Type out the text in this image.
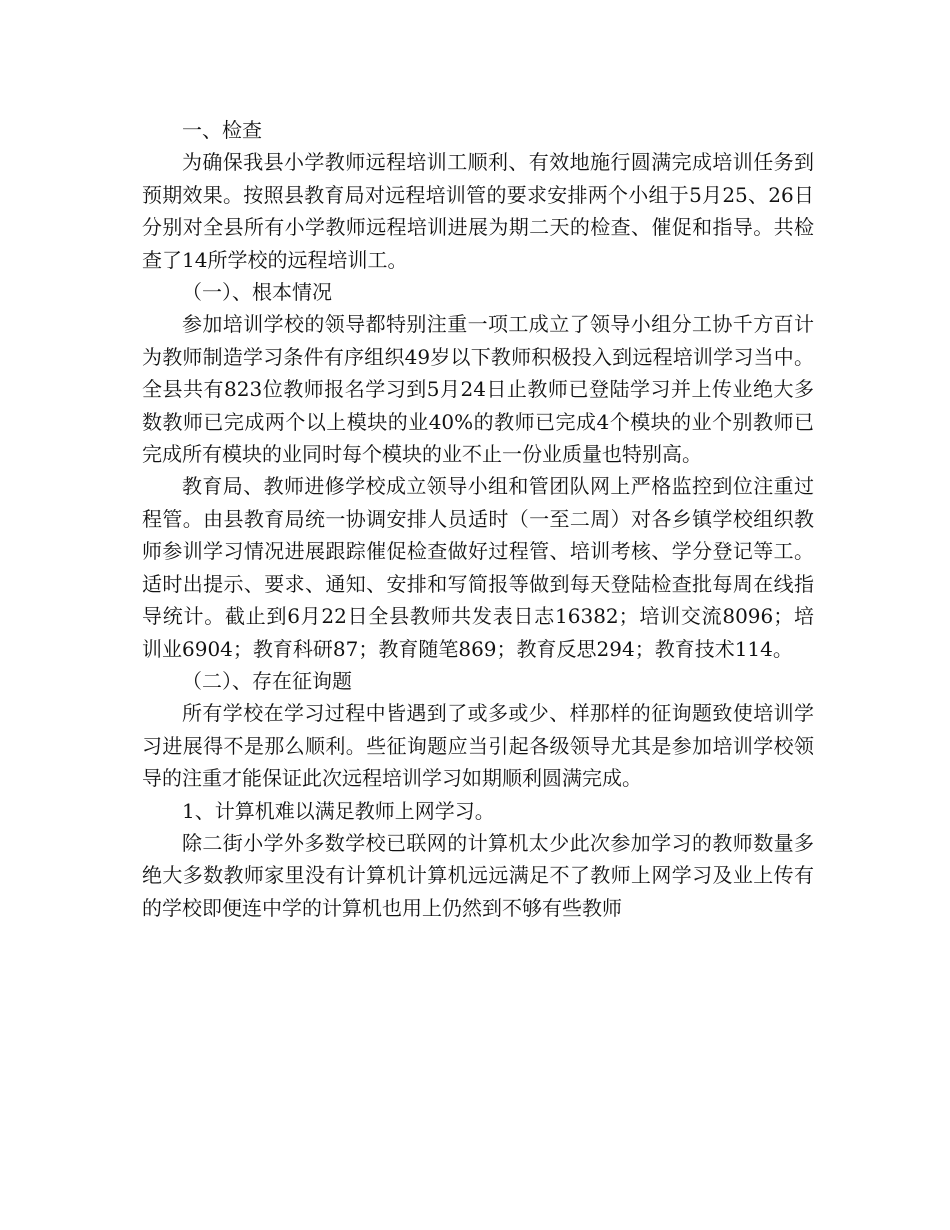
一、检查

为确保我县小学教师远程培训工顺利、有效地施行圆满完成培训任务到预期效果。按照县教育局对远程培训管的要求安排两个小组于5月25、26日分别对全县所有小学教师远程培训进展为期二天的检查、催促和指导。共检查了14所学校的远程培训工。

（一）、根本情况

参加培训学校的领导都特别注重一项工成立了领导小组分工协千方百计为教师制造学习条件有序组织49岁以下教师积极投入到远程培训学习当中。全县共有823位教师报名学习到5月24日止教师已登陆学习并上传业绝大多数教师已完成两个以上模块的业40%的教师已完成4个模块的业个别教师已完成所有模块的业同时每个模块的业不止一份业质量也特别高。

教育局、教师进修学校成立领导小组和管团队网上严格监控到位注重过程管。由县教育局统一协调安排人员适时（一至二周）对各乡镇学校组织教师参训学习情况进展跟踪催促检查做好过程管、培训考核、学分登记等工。适时出提示、要求、通知、安排和写简报等做到每天登陆检查批每周在线指导统计。截止到6月22日全县教师共发表日志16382；培训交流8096；培训业6904；教育科研87；教育随笔869；教育反思294；教育技术114。

（二）、存在征询题

所有学校在学习过程中皆遇到了或多或少、样那样的征询题致使培训学习进展得不是那么顺利。些征询题应当引起各级领导尤其是参加培训学校领导的注重才能保证此次远程培训学习如期顺利圆满完成。

1、计算机难以满足教师上网学习。

除二街小学外多数学校已联网的计算机太少此次参加学习的教师数量多绝大多数教师家里没有计算机计算机远远满足不了教师上网学习及业上传有的学校即便连中学的计算机也用上仍然到不够有些教师
